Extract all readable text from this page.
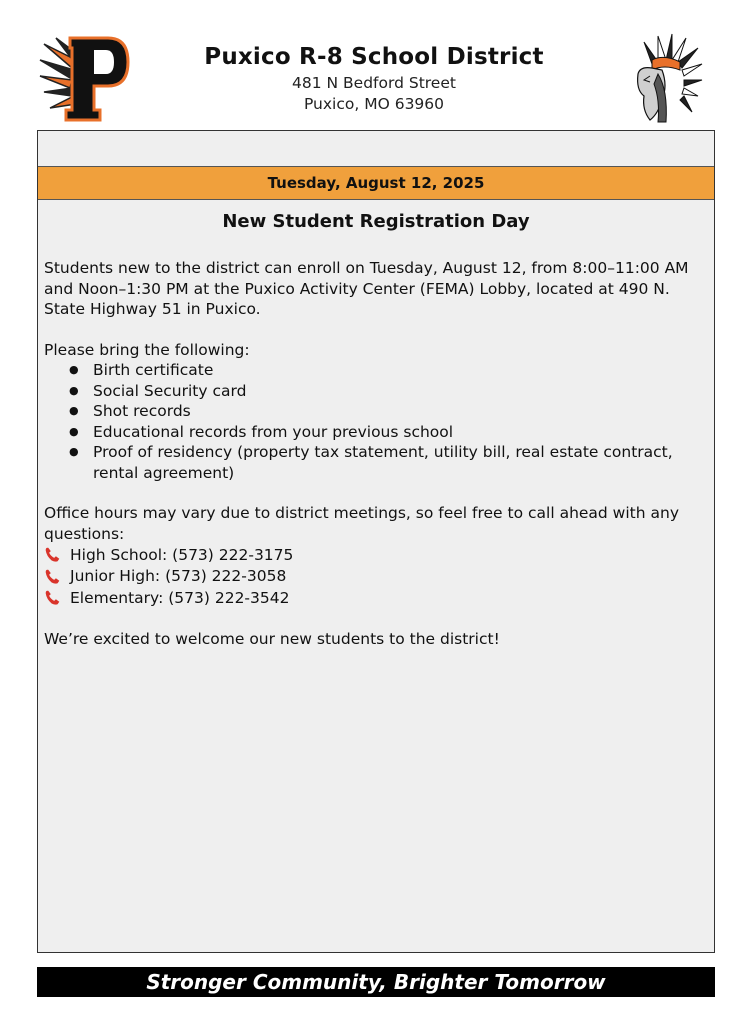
Puxico R-8 School District
481 N Bedford Street
Puxico, MO 63960
Tuesday, August 12, 2025
New Student Registration Day

Students new to the district can enroll on Tuesday, August 12, from 8:00–11:00 AM

and Noon–1:30 PM at the Puxico Activity Center (FEMA) Lobby, located at 490 N.

State Highway 51 in Puxico.

Please bring the following:

● Birth certificate
● Social Security card
● Shot records
● Educational records from your previous school
● Proof of residency (property tax statement, utility bill, real estate contract,
rental agreement)

Office hours may vary due to district meetings, so feel free to call ahead with any

questions:

High School: (573) 222-3175
Junior High: (573) 222-3058
Elementary: (573) 222-3542

We’re excited to welcome our new students to the district!

Stronger Community, Brighter Tomorrow
